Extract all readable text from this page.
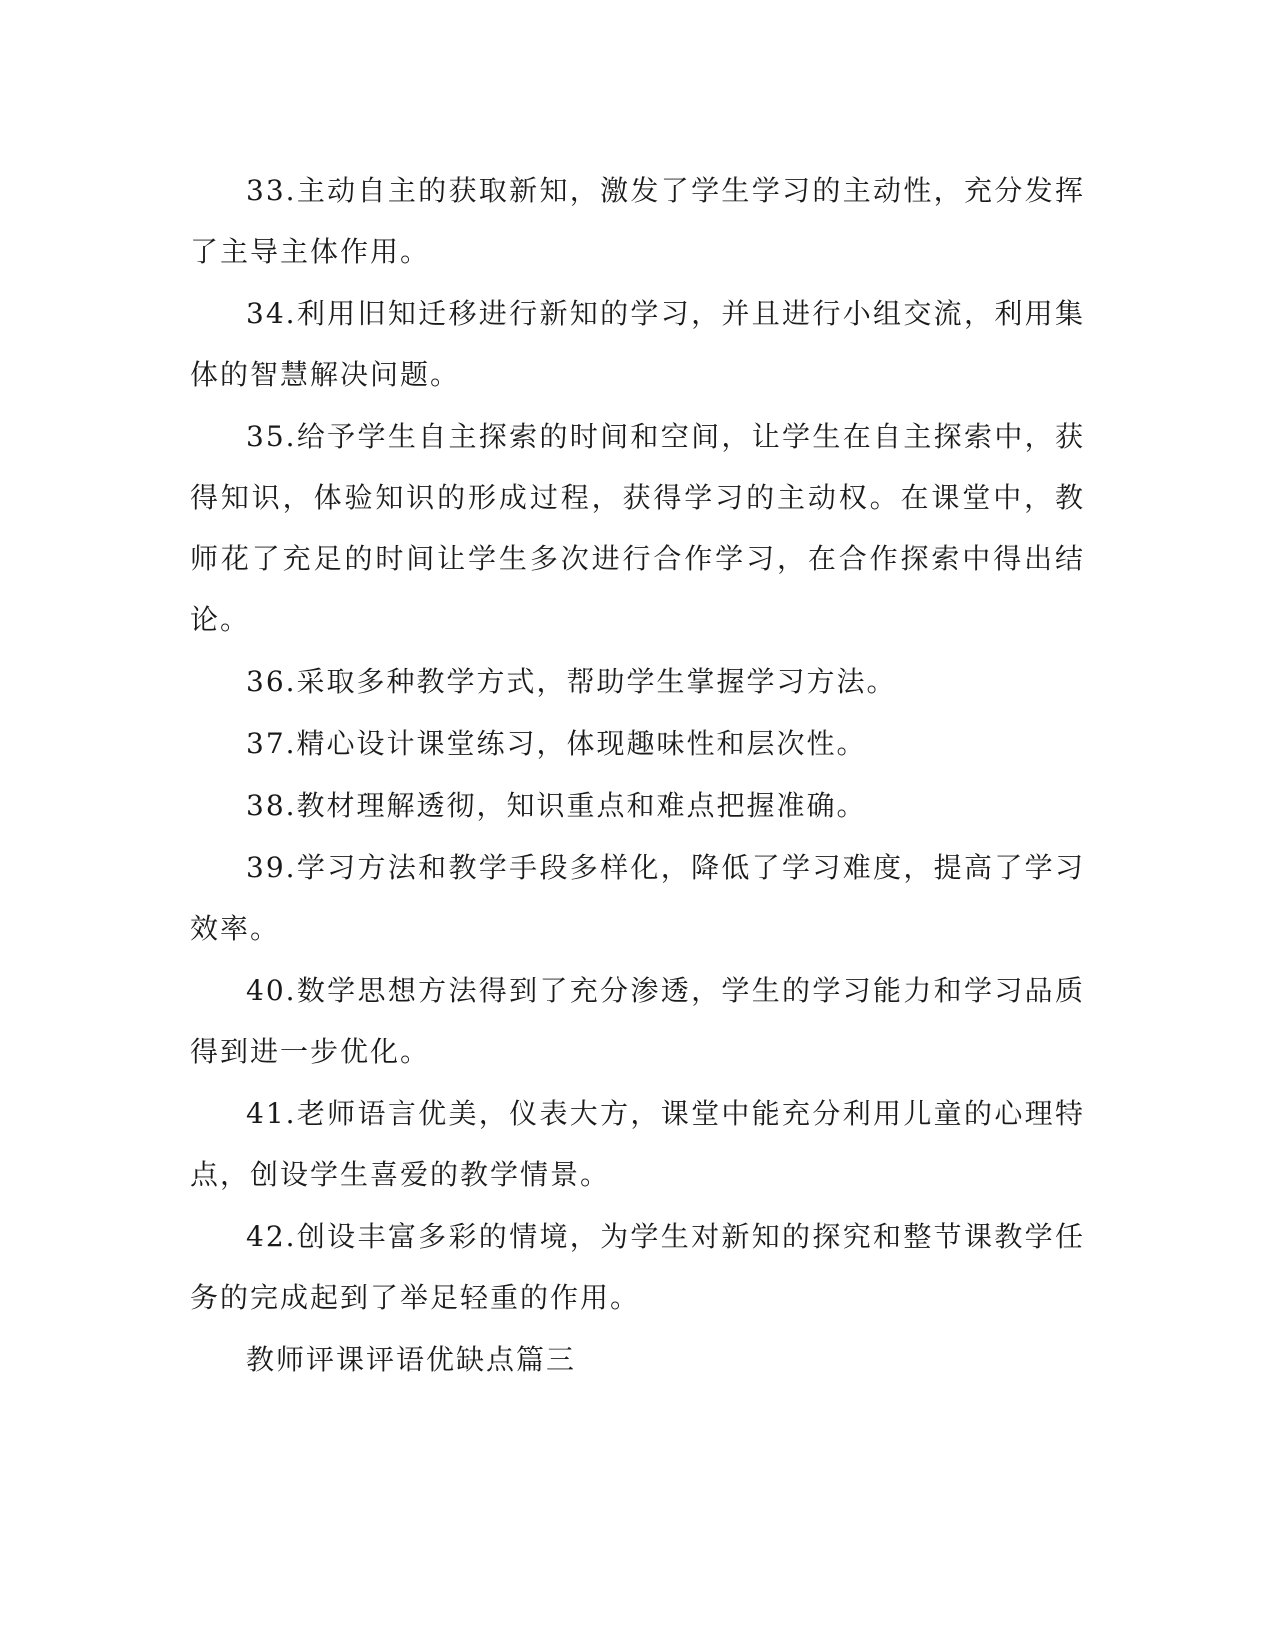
33.主动自主的获取新知，激发了学生学习的主动性，充分发挥了主导主体作用。

34.利用旧知迁移进行新知的学习，并且进行小组交流，利用集体的智慧解决问题。

35.给予学生自主探索的时间和空间，让学生在自主探索中，获得知识，体验知识的形成过程，获得学习的主动权。在课堂中，教师花了充足的时间让学生多次进行合作学习，在合作探索中得出结论。

36.采取多种教学方式，帮助学生掌握学习方法。

37.精心设计课堂练习，体现趣味性和层次性。

38.教材理解透彻，知识重点和难点把握准确。

39.学习方法和教学手段多样化，降低了学习难度，提高了学习效率。

40.数学思想方法得到了充分渗透，学生的学习能力和学习品质得到进一步优化。

41.老师语言优美，仪表大方，课堂中能充分利用儿童的心理特点，创设学生喜爱的教学情景。

42.创设丰富多彩的情境，为学生对新知的探究和整节课教学任务的完成起到了举足轻重的作用。

教师评课评语优缺点篇三
